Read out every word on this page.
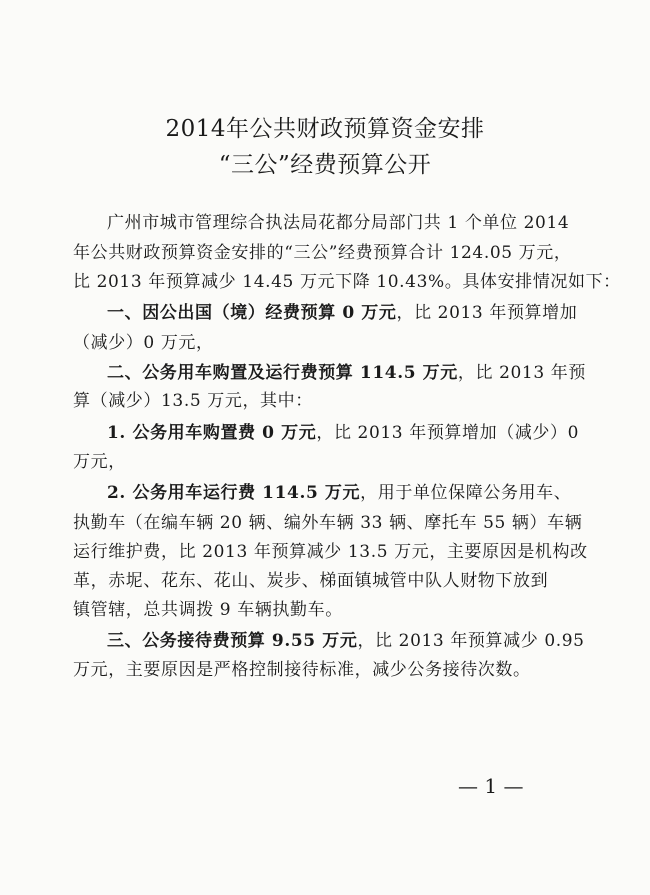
2014年公共财政预算资金安排
“三公”经费预算公开
广州市城市管理综合执法局花都分局部门共 1 个单位 2014
年公共财政预算资金安排的“三公”经费预算合计 124.05 万元，
比 2013 年预算减少 14.45 万元下降 10.43%。具体安排情况如下：
一、因公出国（境）经费预算 0 万元，比 2013 年预算增加
（减少）0 万元，
二、公务用车购置及运行费预算 114.5 万元，比 2013 年预
算（减少）13.5 万元，其中：
1. 公务用车购置费 0 万元，比 2013 年预算增加（减少）0
万元，
2. 公务用车运行费 114.5 万元，用于单位保障公务用车、
执勤车（在编车辆 20 辆、编外车辆 33 辆、摩托车 55 辆）车辆
运行维护费，比 2013 年预算减少 13.5 万元，主要原因是机构改
革，赤坭、花东、花山、炭步、梯面镇城管中队人财物下放到
镇管辖，总共调拨 9 车辆执勤车。
三、公务接待费预算 9.55 万元，比 2013 年预算减少 0.95
万元，主要原因是严格控制接待标准，减少公务接待次数。
— 1 —
